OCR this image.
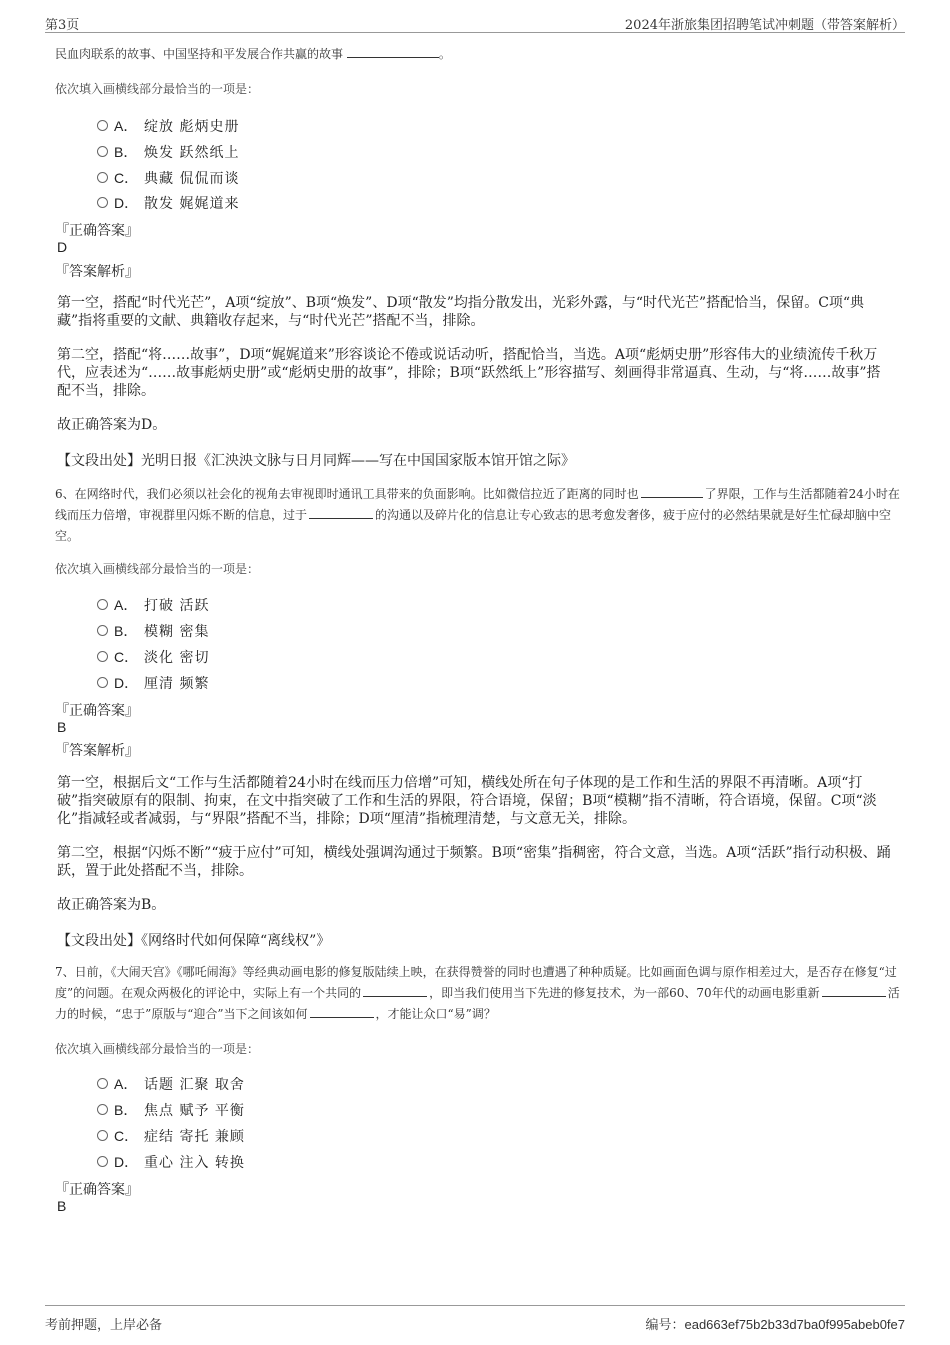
第3页	2024年浙旅集团招聘笔试冲刺题（带答案解析）
民血肉联系的故事、中国坚持和平发展合作共赢的故事	。
依次填入画横线部分最恰当的一项是：
A． 绽放 彪炳史册
B． 焕发 跃然纸上
C． 典藏 侃侃而谈
D． 散发 娓娓道来
『正确答案』
D
『答案解析』
第一空，搭配“时代光芒”，A项“绽放”、B项“焕发”、D项“散发”均指分散发出，光彩外露，与“时代光芒”搭配恰当，保留。C项“典藏”指将重要的文献、典籍收存起来，与“时代光芒”搭配不当，排除。
第二空，搭配“将……故事”，D项“娓娓道来”形容谈论不倦或说话动听，搭配恰当，当选。A项“彪炳史册”形容伟大的业绩流传千秋万代，应表述为“……故事彪炳史册”或“彪炳史册的故事”，排除；B项“跃然纸上”形容描写、刻画得非常逼真、生动，与“将……故事”搭配不当，排除。
故正确答案为D。
【文段出处】光明日报《汇泱泱文脉与日月同辉——写在中国国家版本馆开馆之际》
6、在网络时代，我们必须以社会化的视角去审视即时通讯工具带来的负面影响。比如微信拉近了距离的同时也	了界限，工作与生活都随着24小时在线而压力倍增，审视群里闪烁不断的信息，过于	的沟通以及碎片化的信息让专心致志的思考愈发奢侈，疲于应付的必然结果就是好生忙碌却脑中空空。
依次填入画横线部分最恰当的一项是：
A． 打破 活跃
B． 模糊 密集
C． 淡化 密切
D． 厘清 频繁
『正确答案』
B
『答案解析』
第一空，根据后文“工作与生活都随着24小时在线而压力倍增”可知，横线处所在句子体现的是工作和生活的界限不再清晰。A项“打破”指突破原有的限制、拘束，在文中指突破了工作和生活的界限，符合语境，保留；B项“模糊”指不清晰，符合语境，保留。C项“淡化”指减轻或者减弱，与“界限”搭配不当，排除；D项“厘清”指梳理清楚，与文意无关，排除。
第二空，根据“闪烁不断”“疲于应付”可知，横线处强调沟通过于频繁。B项“密集”指稠密，符合文意，当选。A项“活跃”指行动积极、踊跃，置于此处搭配不当，排除。
故正确答案为B。
【文段出处】《网络时代如何保障“离线权”》
7、日前，《大闹天宫》《哪吒闹海》等经典动画电影的修复版陆续上映，在获得赞誉的同时也遭遇了种种质疑。比如画面色调与原作相差过大，是否存在修复“过度”的问题。在观众两极化的评论中，实际上有一个共同的	，即当我们使用当下先进的修复技术，为一部60、70年代的动画电影重新	活力的时候，“忠于”原版与“迎合”当下之间该如何	，才能让众口“易”调？
依次填入画横线部分最恰当的一项是：
A． 话题 汇聚 取舍
B． 焦点 赋予 平衡
C． 症结 寄托 兼顾
D． 重心 注入 转换
『正确答案』
B
考前押题，上岸必备	编号：ead663ef75b2b33d7ba0f995abeb0fe7
